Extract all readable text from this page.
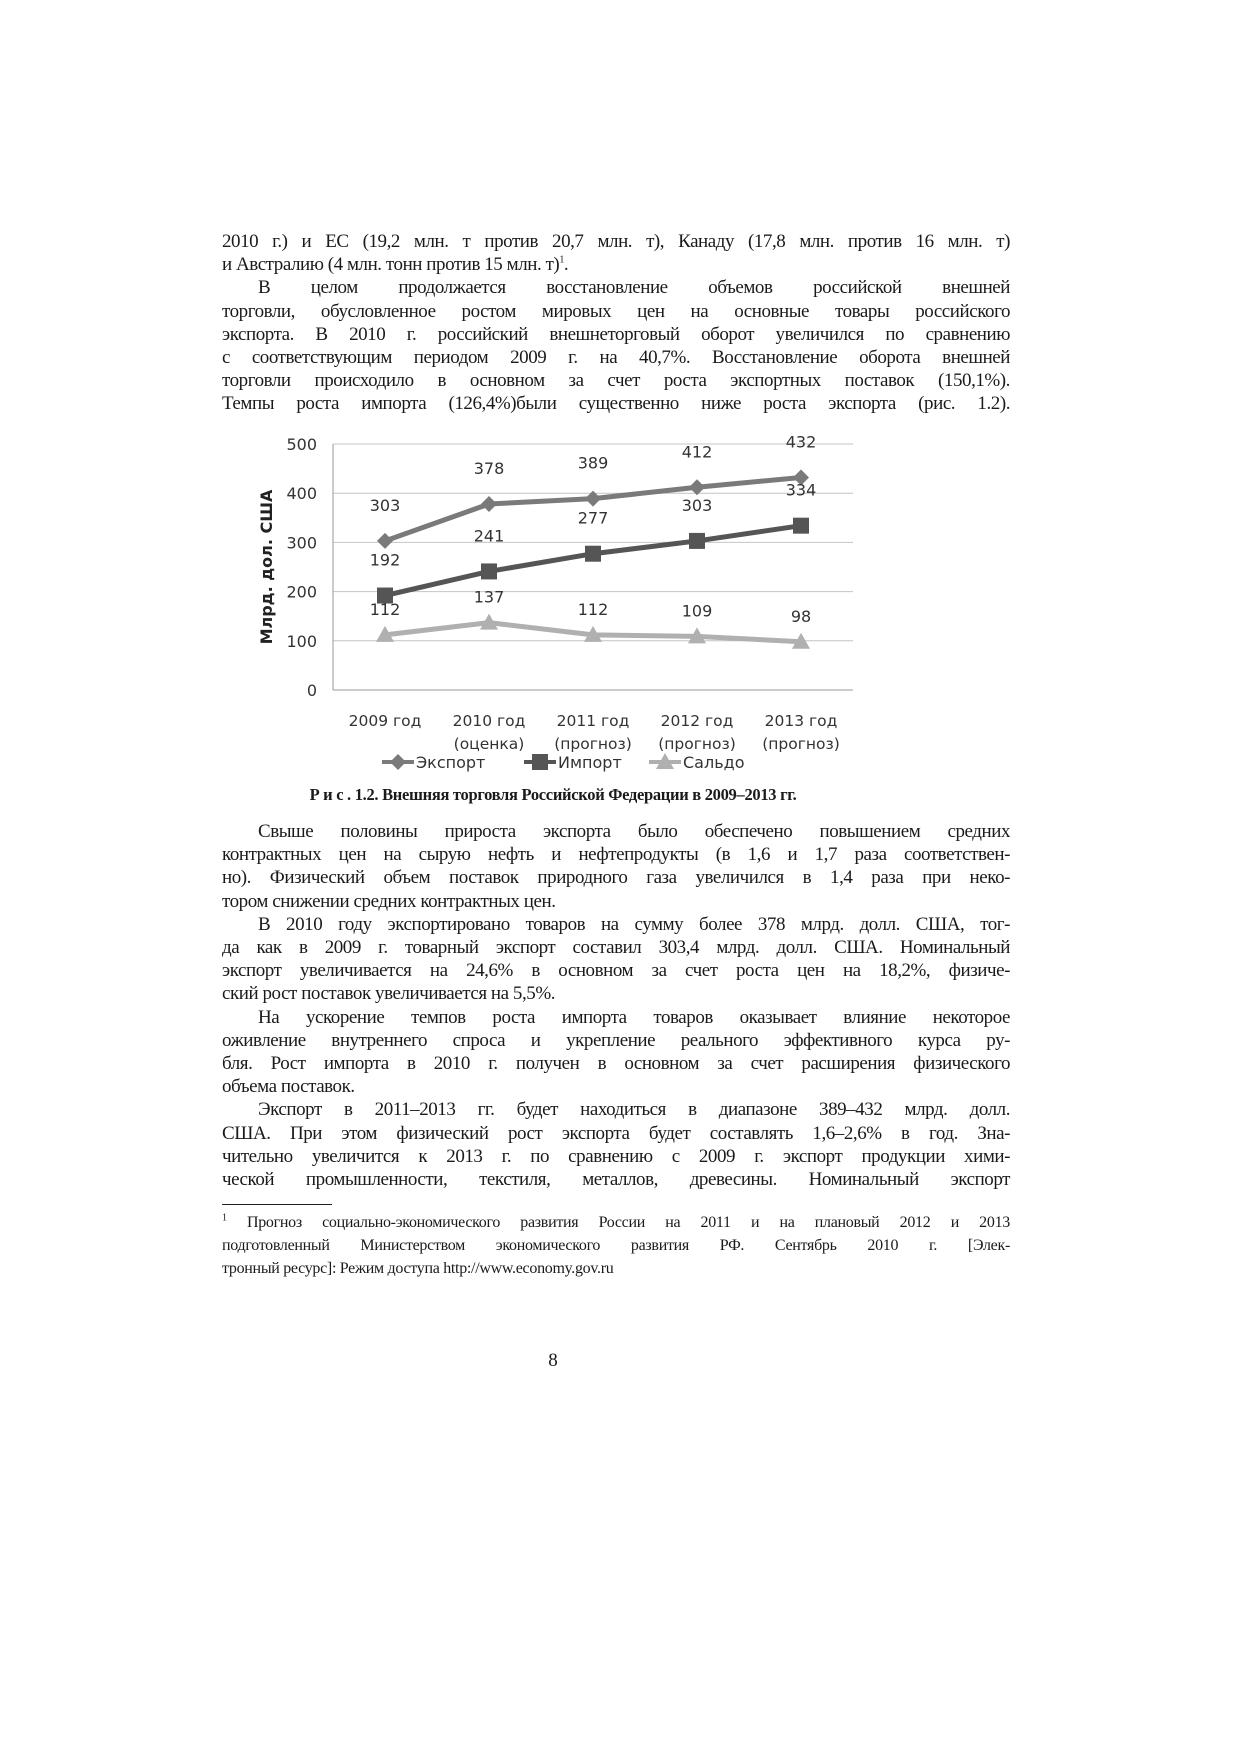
2010 г.) и ЕС (19,2 млн. т против 20,7 млн. т), Канаду (17,8 млн. против 16 млн. т)
и Австралию (4 млн. тонн против 15 млн. т)$^1$.
В целом продолжается восстановление объемов российской внешней
торговли, обусловленное ростом мировых цен на основные товары российского
экспорта. В 2010 г. российский внешнеторговый оборот увеличился по сравнению
с соответствующим периодом 2009 г. на 40,7%. Восстановление оборота внешней
торговли происходило в основном за счет роста экспортных поставок (150,1%).
Темпы роста импорта (126,4%)были существенно ниже роста экспорта (рис. 1.2).
0
100
200
300
400
500
2009 год 2010 год
(оценка)
2011 год
(прогноз)
2012 год
(прогноз)
2013 год
(прогноз)
Млрд. дол. США	303
378	389
412
432
192
241
277
303
334
112
137
112	109	98
Экспорт	Импорт	Сальдо
Р и с . 1.2. Внешняя торговля Российской Федерации в 2009–2013 гг.
Свыше половины прироста экспорта было обеспечено повышением средних
контрактных цен на сырую нефть и нефтепродукты (в 1,6 и 1,7 раза соответствен-
но). Физический объем поставок природного газа увеличился в 1,4 раза при неко-
тором снижении средних контрактных цен.
В 2010 году экспортировано товаров на сумму более 378 млрд. долл. США, тог-
да как в 2009 г. товарный экспорт составил 303,4 млрд. долл. США. Номинальный
экспорт увеличивается на 24,6% в основном за счет роста цен на 18,2%, физиче-
ский рост поставок увеличивается на 5,5%.
На ускорение темпов роста импорта товаров оказывает влияние некоторое
оживление внутреннего спроса и укрепление реального эффективного курса ру-
бля. Рост импорта в 2010 г. получен в основном за счет расширения физического
объема поставок.
Экспорт в 2011–2013 гг. будет находиться в диапазоне 389–432 млрд. долл.
США. При этом физический рост экспорта будет составлять 1,6–2,6% в год. Зна-
чительно увеличится к 2013 г. по сравнению с 2009 г. экспорт продукции хими-
ческой промышленности, текстиля, металлов, древесины. Номинальный экспорт
$^1$ Прогноз социально-экономического развития России на 2011 и на плановый 2012 и 2013
подготовленный Министерством экономического развития РФ. Сентябрь 2010 г. [Элек-
тронный ресурс]: Режим доступа http://www.economy.gov.ru
8
